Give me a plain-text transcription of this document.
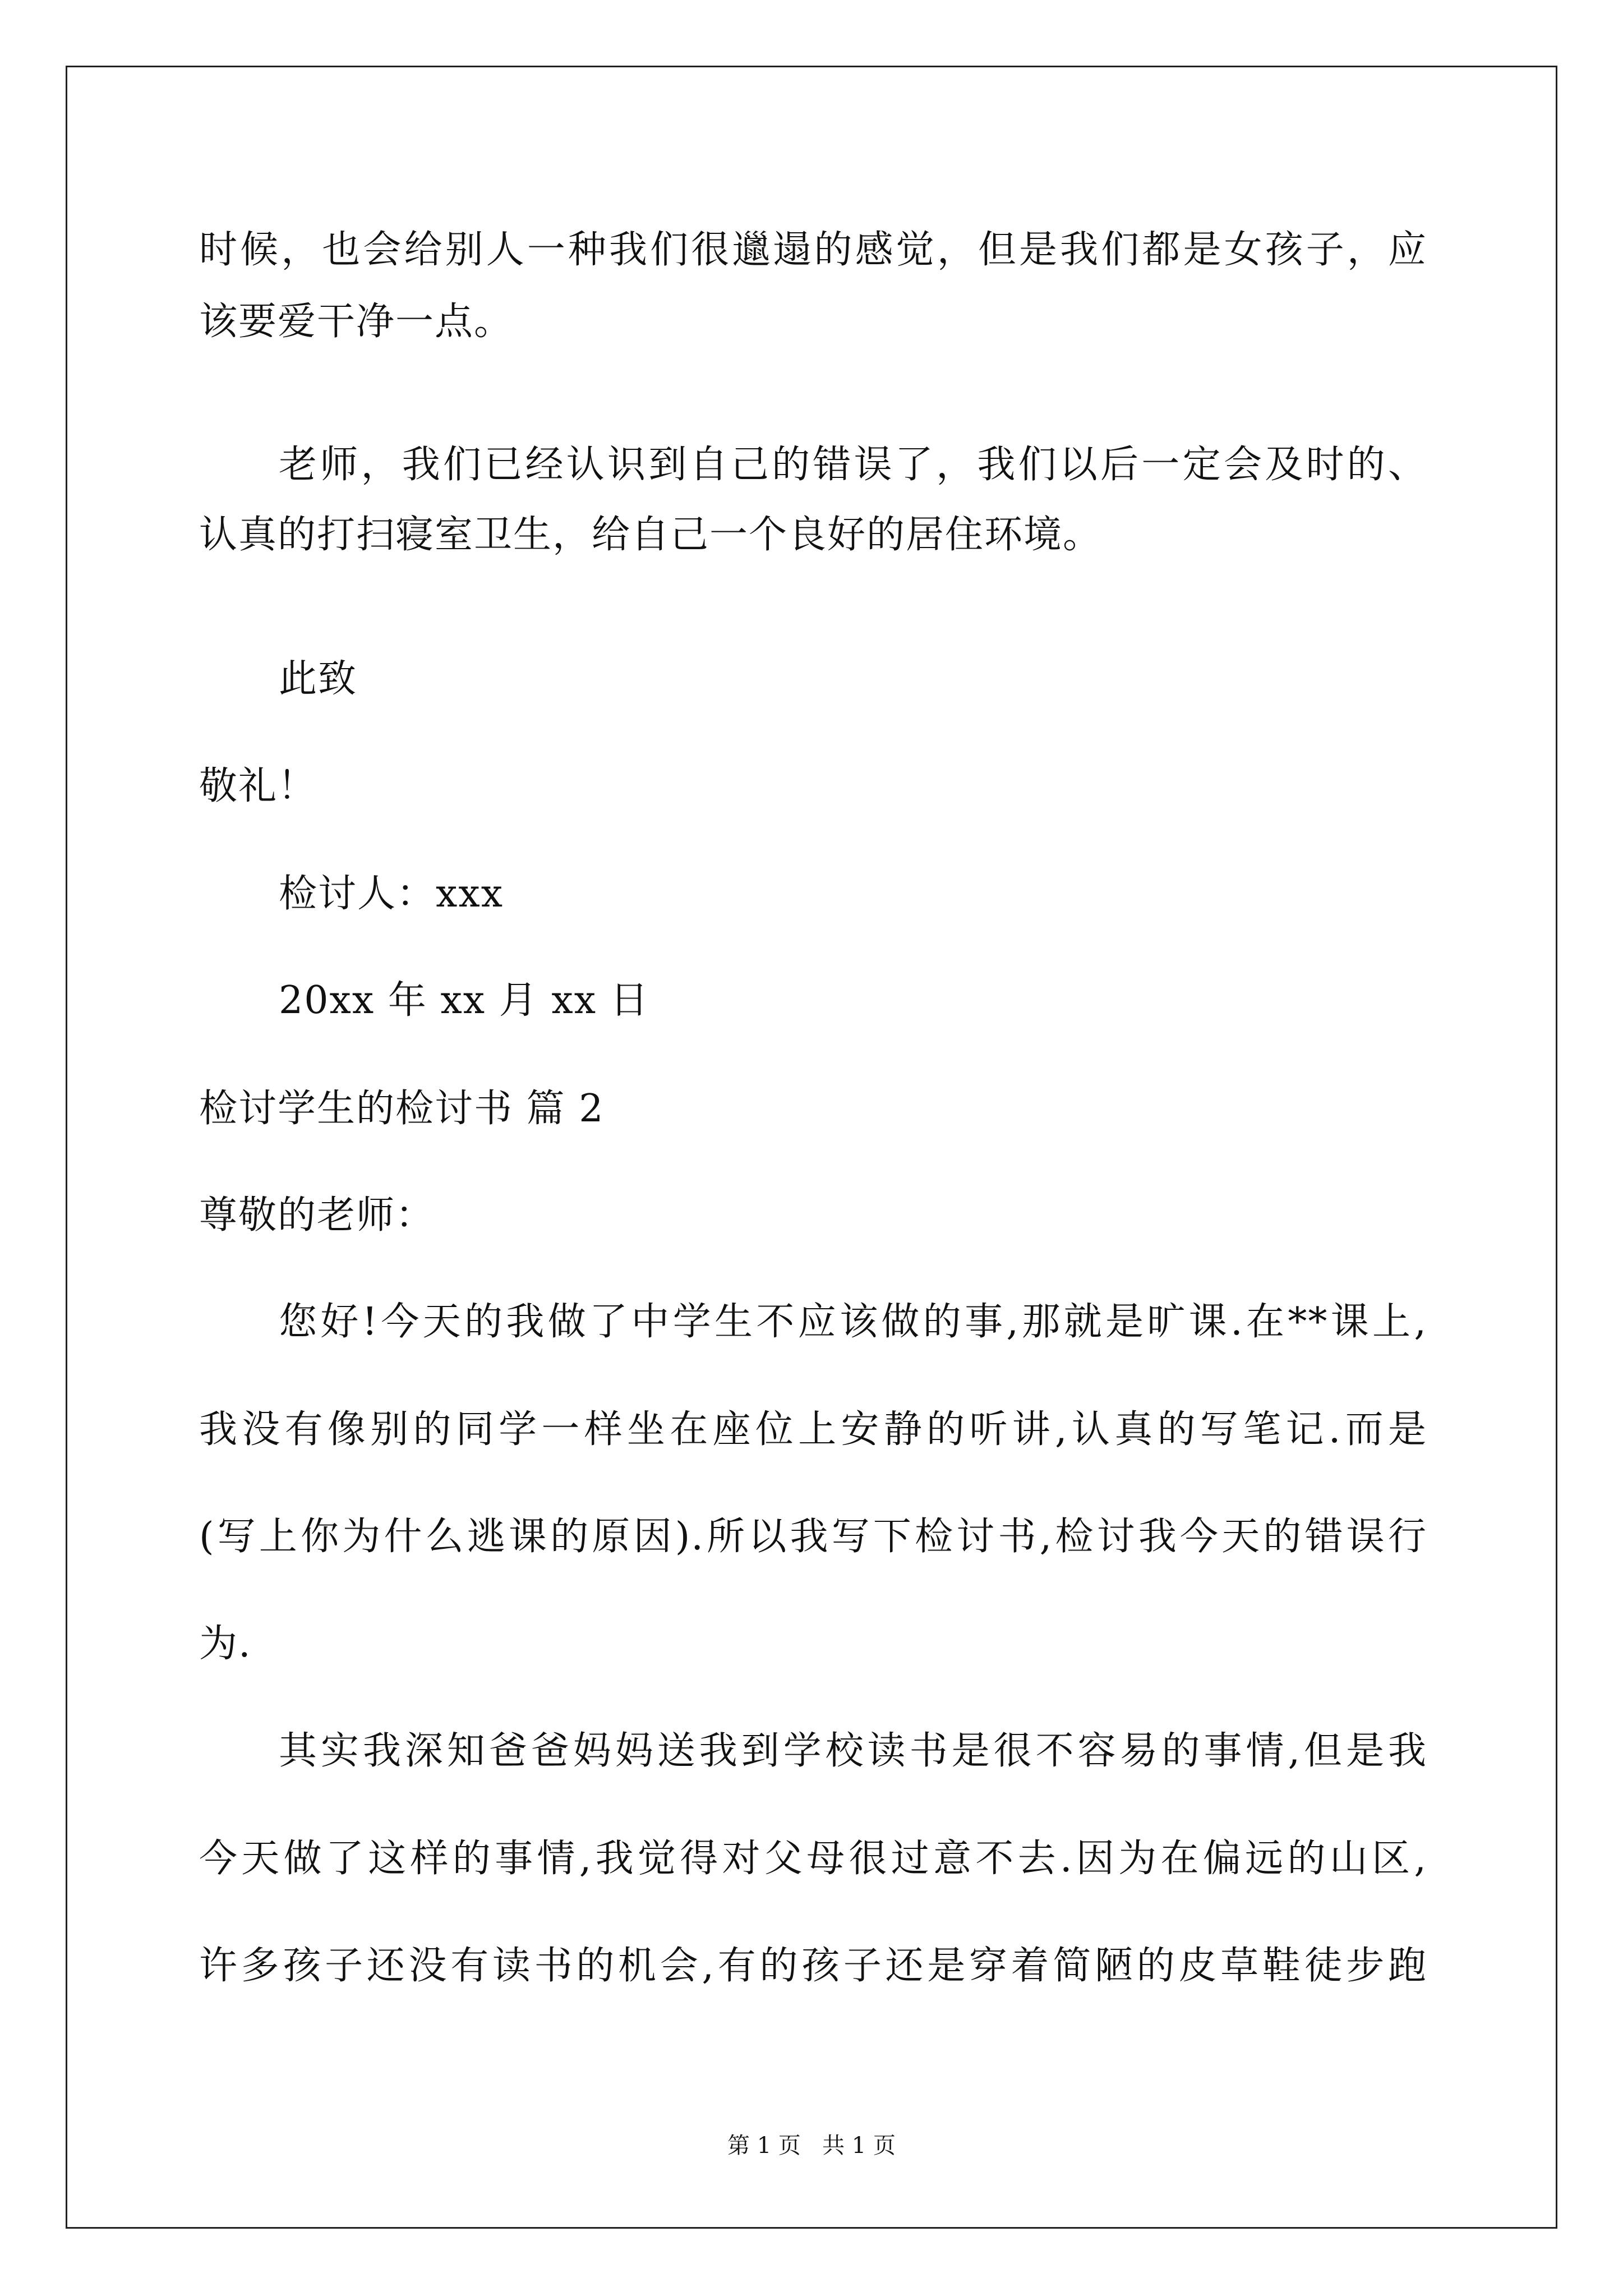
时候，也会给别人一种我们很邋遢的感觉，但是我们都是女孩子，应
该要爱干净一点。
老师，我们已经认识到自己的错误了，我们以后一定会及时的、
认真的打扫寝室卫生，给自己一个良好的居住环境。
此致
敬礼！
检讨人：xxx
20xx 年 xx 月 xx 日
检讨学生的检讨书 篇 2
尊敬的老师：
您好!今天的我做了中学生不应该做的事,那就是旷课.在**课上,
我没有像别的同学一样坐在座位上安静的听讲,认真的写笔记.而是
(写上你为什么逃课的原因).所以我写下检讨书,检讨我今天的错误行
为.
其实我深知爸爸妈妈送我到学校读书是很不容易的事情,但是我
今天做了这样的事情,我觉得对父母很过意不去.因为在偏远的山区,
许多孩子还没有读书的机会,有的孩子还是穿着简陋的皮草鞋徒步跑
第 1 页   共 1 页
